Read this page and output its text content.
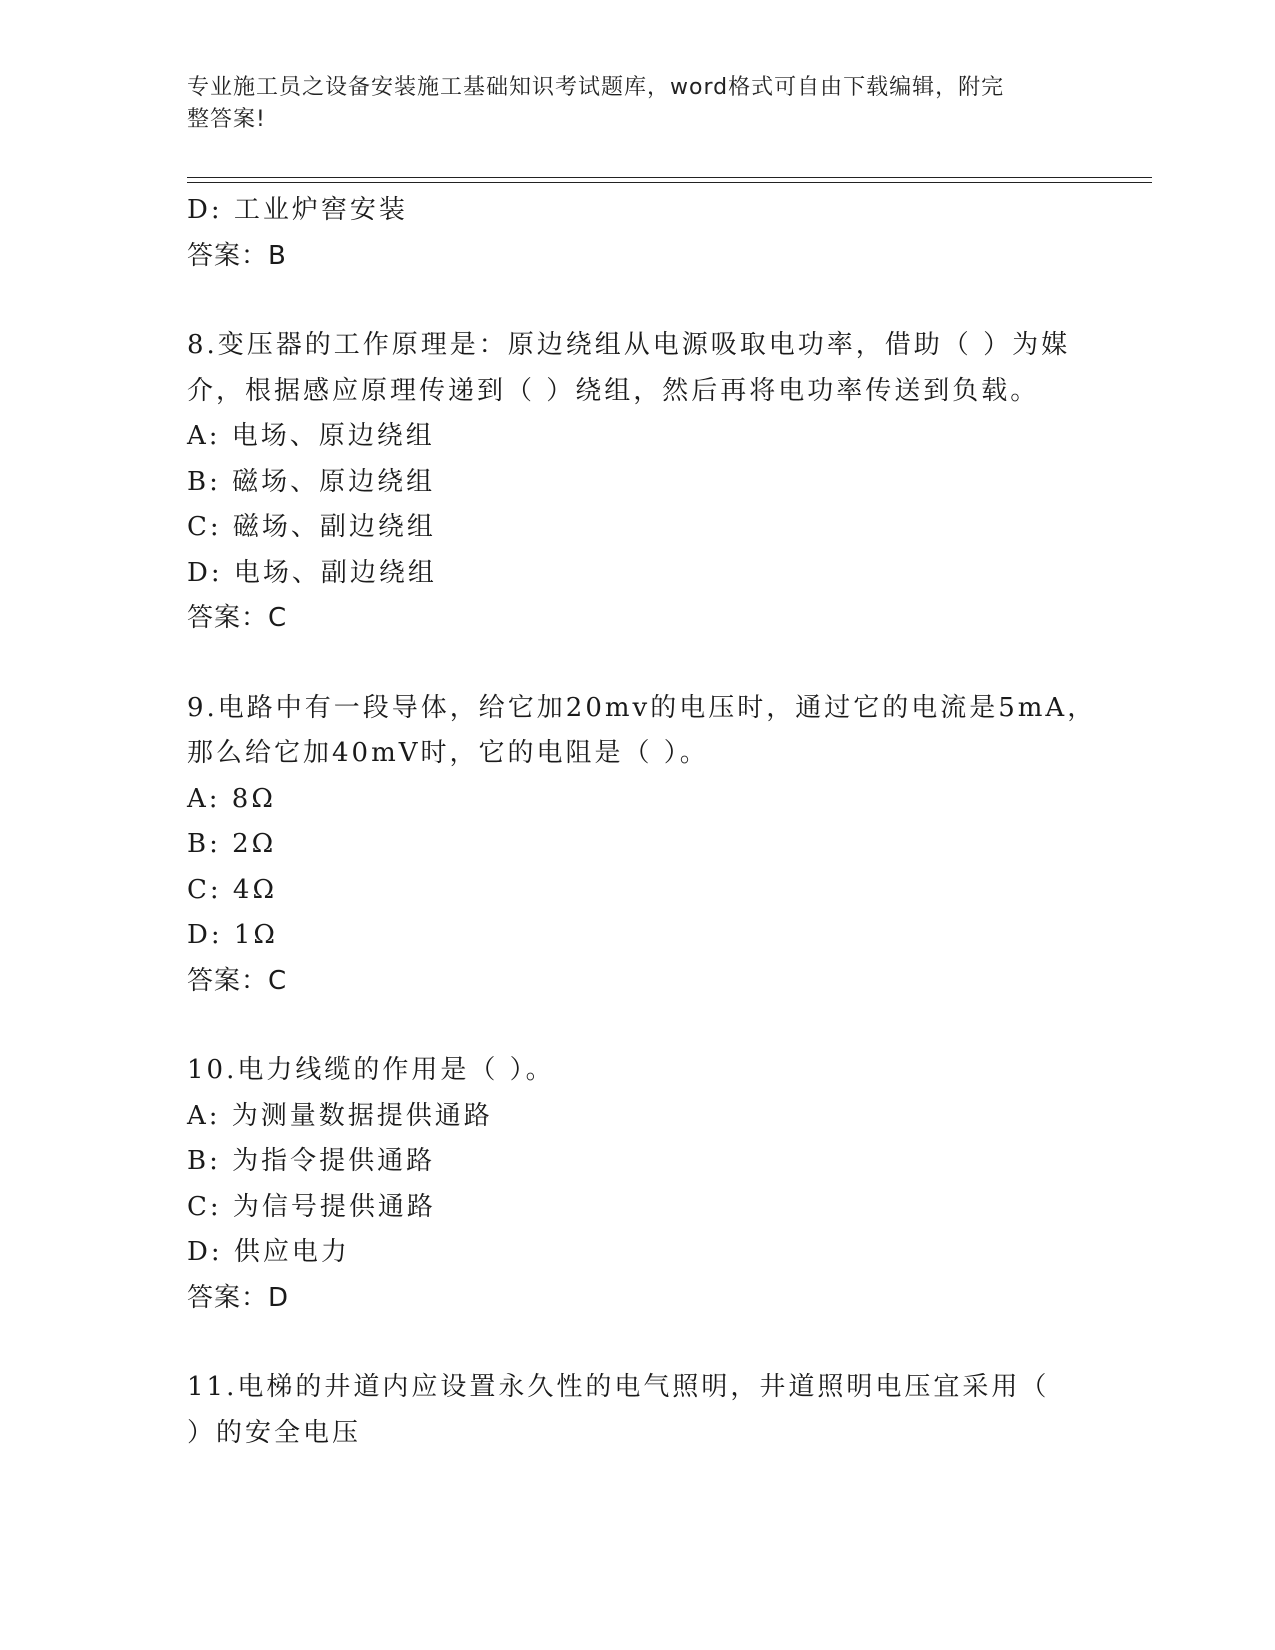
专业施工员之设备安装施工基础知识考试题库，word格式可自由下载编辑，附完
整答案!
D: 工业炉窖安装
答案：B
8.变压器的工作原理是：原边绕组从电源吸取电功率，借助（ ）为媒
介，根据感应原理传递到（ ）绕组，然后再将电功率传送到负载。
A: 电场、原边绕组
B: 磁场、原边绕组
C: 磁场、副边绕组
D: 电场、副边绕组
答案：C
9.电路中有一段导体，给它加20mv的电压时，通过它的电流是5mA，
那么给它加40mV时，它的电阻是（ ）。
A: 8Ω
B: 2Ω
C: 4Ω
D: 1Ω
答案：C
10.电力线缆的作用是（ ）。
A: 为测量数据提供通路
B: 为指令提供通路
C: 为信号提供通路
D: 供应电力
答案：D
11.电梯的井道内应设置永久性的电气照明，井道照明电压宜采用（
）的安全电压
